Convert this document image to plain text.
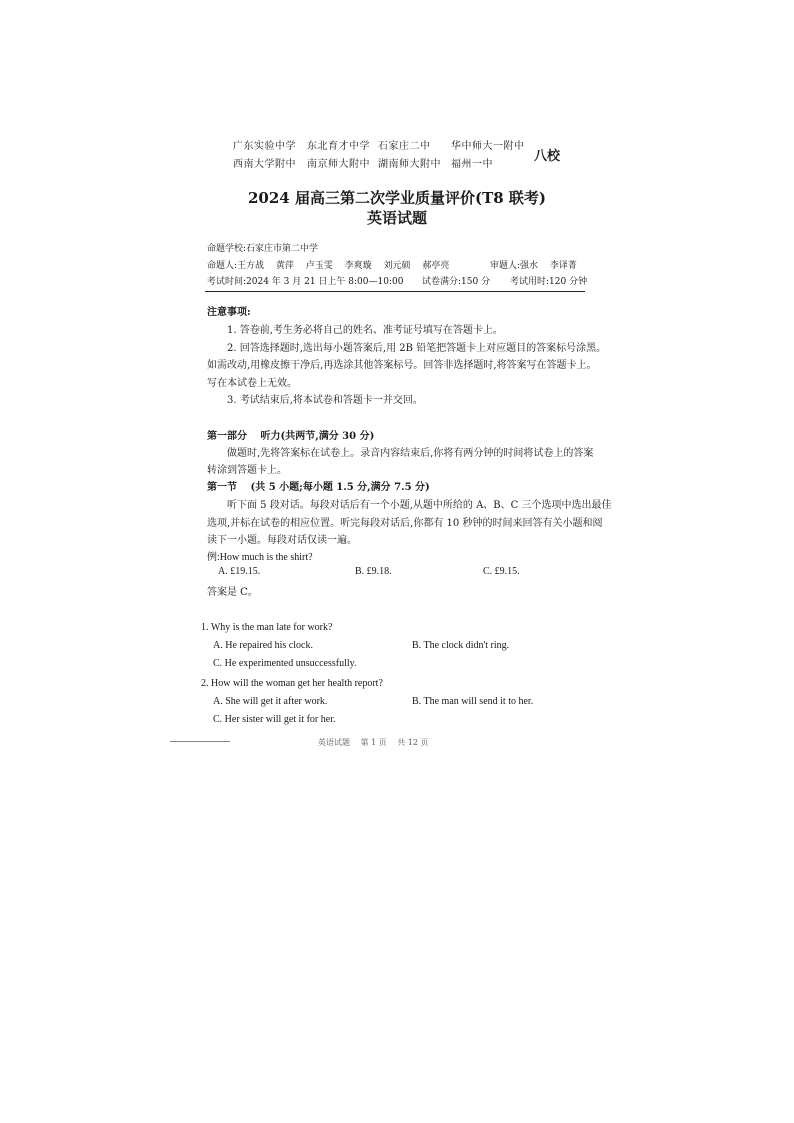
广东实验中学 东北育才中学 石家庄二中 华中师大一附中
西南大学附中 南京师大附中 湖南师大附中 福州一中
八校
2024 届高三第二次学业质量评价(T8 联考)
英语试题
命题学校:石家庄市第二中学
命题人:王方战 　黄萍 　卢玉雯 　李爽璇 　刘元硕 　郝亭亮	审题人:强水 　李译菁
考试时间:2024 年 3 月 21 日上午 8:00—10:00 试卷满分:150 分 考试用时:120 分钟
注意事项:
1. 答卷前,考生务必将自己的姓名、准考证号填写在答题卡上。
2. 回答选择题时,选出每小题答案后,用 2B 铅笔把答题卡上对应题目的答案标号涂黑。
如需改动,用橡皮擦干净后,再选涂其他答案标号。回答非选择题时,将答案写在答题卡上。
写在本试卷上无效。
3. 考试结束后,将本试卷和答题卡一并交回。
第一部分 　听力(共两节,满分 30 分)
做题时,先将答案标在试卷上。录音内容结束后,你将有两分钟的时间将试卷上的答案
转涂到答题卡上。
第一节 　(共 5 小题;每小题 1.5 分,满分 7.5 分)
听下面 5 段对话。每段对话后有一个小题,从题中所给的 A、B、C 三个选项中选出最佳
选项,并标在试卷的相应位置。听完每段对话后,你都有 10 秒钟的时间来回答有关小题和阅
读下一小题。每段对话仅读一遍。
例:How much is the shirt?
A. £19.15.	B. £9.18.	C. £9.15.
答案是 C。
1. Why is the man late for work?
A. He repaired his clock.	B. The clock didn't ring.
C. He experimented unsuccessfully.
2. How will the woman get her health report?
A. She will get it after work.	B. The man will send it to her.
C. Her sister will get it for her.
英语试题 　第 1 页 　共 12 页
